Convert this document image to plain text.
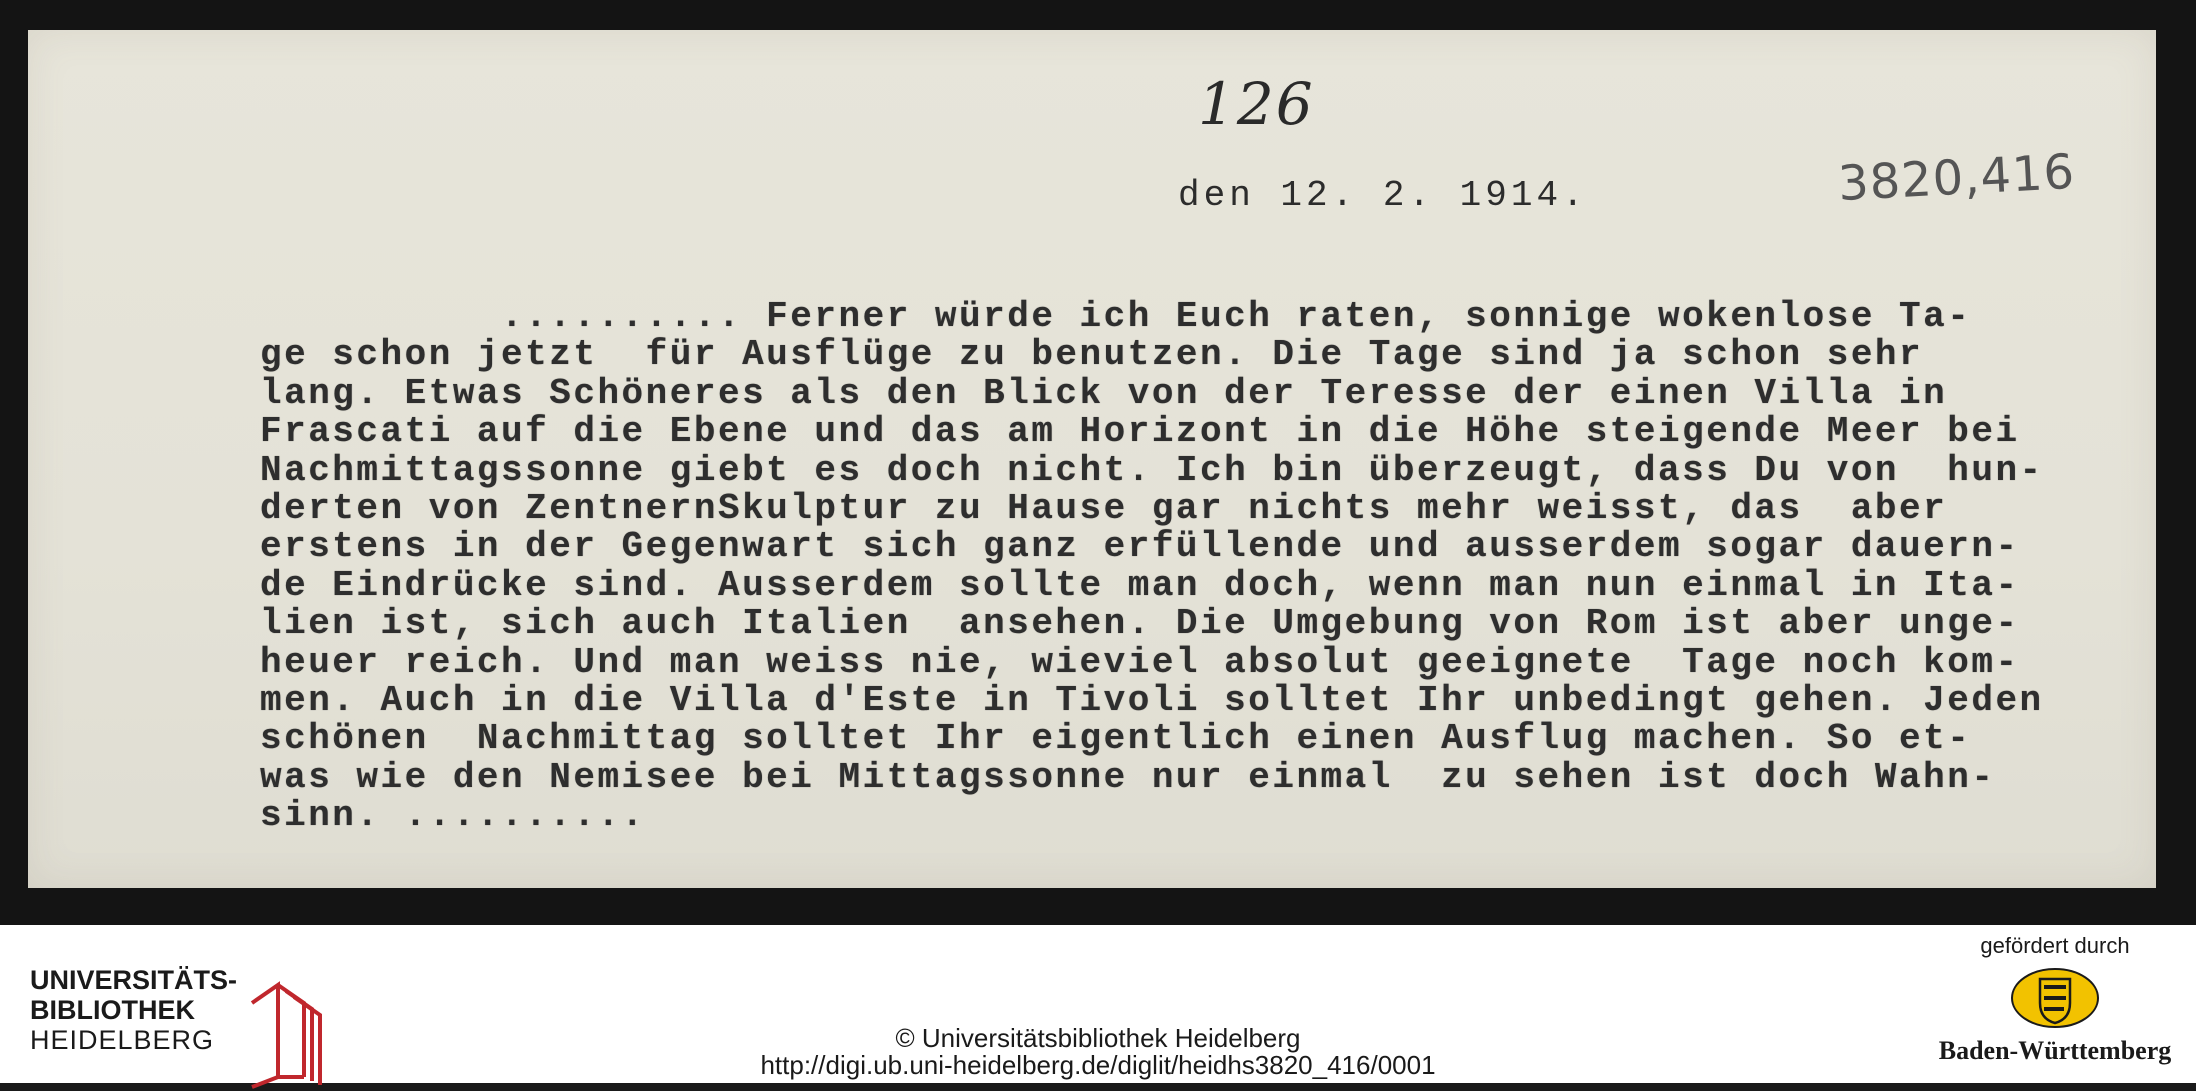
126
3820,416
den 12. 2. 1914.
.......... Ferner würde ich Euch raten, sonnige wokenlose Ta-
ge schon jetzt  für Ausflüge zu benutzen. Die Tage sind ja schon sehr
lang. Etwas Schöneres als den Blick von der Teresse der einen Villa in
Frascati auf die Ebene und das am Horizont in die Höhe steigende Meer bei
Nachmittagssonne giebt es doch nicht. Ich bin überzeugt, dass Du von  hun-
derten von ZentnernSkulptur zu Hause gar nichts mehr weisst, das  aber
erstens in der Gegenwart sich ganz erfüllende und ausserdem sogar dauern-
de Eindrücke sind. Ausserdem sollte man doch, wenn man nun einmal in Ita-
lien ist, sich auch Italien  ansehen. Die Umgebung von Rom ist aber unge-
heuer reich. Und man weiss nie, wieviel absolut geeignete  Tage noch kom-
men. Auch in die Villa d'Este in Tivoli solltet Ihr unbedingt gehen. Jeden
schönen  Nachmittag solltet Ihr eigentlich einen Ausflug machen. So et-
was wie den Nemisee bei Mittagssonne nur einmal  zu sehen ist doch Wahn-
sinn. ..........
UNIVERSITÄTS-
BIBLIOTHEK
HEIDELBERG	© Universitätsbibliothek Heidelberg
http://digi.ub.uni-heidelberg.de/diglit/heidhs3820_416/0001
gefördert durch
Baden-Württemberg
